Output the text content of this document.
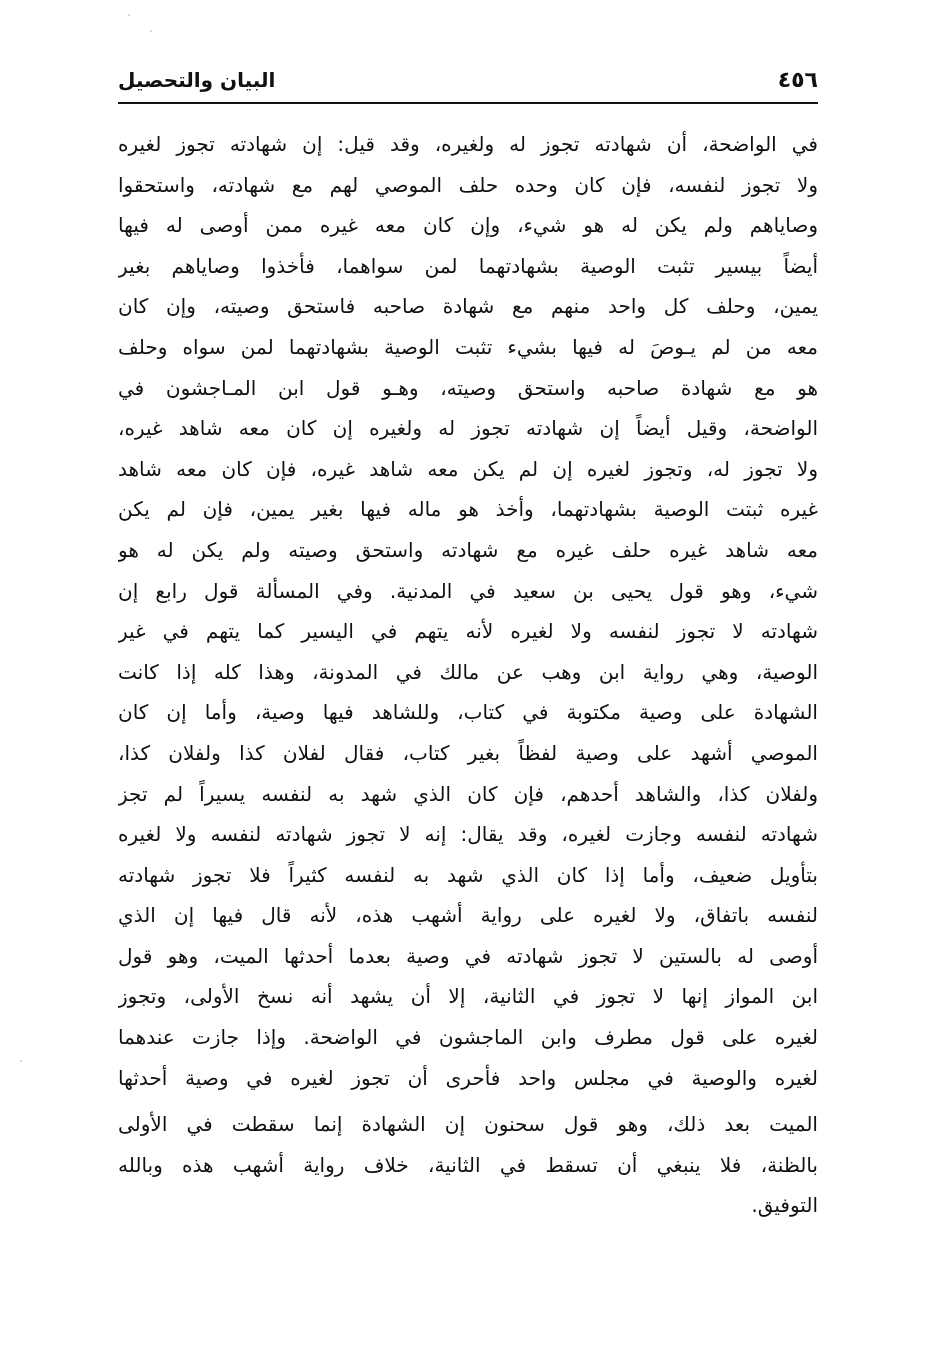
٤٥٦
البيان والتحصيل
في الواضحة، أن شهادته تجوز له ولغيره، وقد قيل: إن شهادته تجوز لغيره
ولا تجوز لنفسه، فإن كان وحده حلف الموصي لهم مع شهادته، واستحقوا
وصاياهم ولم يكن له هو شيء، وإن كان معه غيره ممن أوصى له فيها
أيضاً بيسير تثبت الوصية بشهادتهما لمن سواهما، فأخذوا وصاياهم بغير
يمين، وحلف كل واحد منهم مع شهادة صاحبه فاستحق وصيته، وإن كان
معه من لم يـوصَ له فيها بشيء تثبت الوصية بشهادتهما لمن سواه وحلف
هو مع شهادة صاحبه واستحق وصيته، وهـو قول ابن المـاجشون في
الواضحة، وقيل أيضاً إن شهادته تجوز له ولغيره إن كان معه شاهد غيره،
ولا تجوز له، وتجوز لغيره إن لم يكن معه شاهد غيره، فإن كان معه شاهد
غيره ثبتت الوصية بشهادتهما، وأخذ هو ماله فيها بغير يمين، فإن لم يكن
معه شاهد غيره حلف غيره مع شهادته واستحق وصيته ولم يكن له هو
شيء، وهو قول يحيى بن سعيد في المدنية. وفي المسألة قول رابع إن
شهادته لا تجوز لنفسه ولا لغيره لأنه يتهم في اليسير كما يتهم في غير
الوصية، وهي رواية ابن وهب عن مالك في المدونة، وهذا كله إذا كانت
الشهادة على وصية مكتوبة في كتاب، وللشاهد فيها وصية، وأما إن كان
الموصي أشهد على وصية لفظاً بغير كتاب، فقال لفلان كذا ولفلان كذا،
ولفلان كذا، والشاهد أحدهم، فإن كان الذي شهد به لنفسه يسيراً لم تجز
شهادته لنفسه وجازت لغيره، وقد يقال: إنه لا تجوز شهادته لنفسه ولا لغيره
بتأويل ضعيف، وأما إذا كان الذي شهد به لنفسه كثيراً فلا تجوز شهادته
لنفسه باتفاق، ولا لغيره على رواية أشهب هذه، لأنه قال فيها إن الذي
أوصى له بالستين لا تجوز شهادته في وصية بعدما أحدثها الميت، وهو قول
ابن المواز إنها لا تجوز في الثانية، إلا أن يشهد أنه نسخ الأولى، وتجوز
لغيره على قول مطرف وابن الماجشون في الواضحة. وإذا جازت عندهما
لغيره والوصية في مجلس واحد فأحرى أن تجوز لغيره في وصية أحدثها
الميت بعد ذلك، وهو قول سحنون إن الشهادة إنما سقطت في الأولى
بالظنة، فلا ينبغي أن تسقط في الثانية، خلاف رواية أشهب هذه وبالله
التوفيق.
